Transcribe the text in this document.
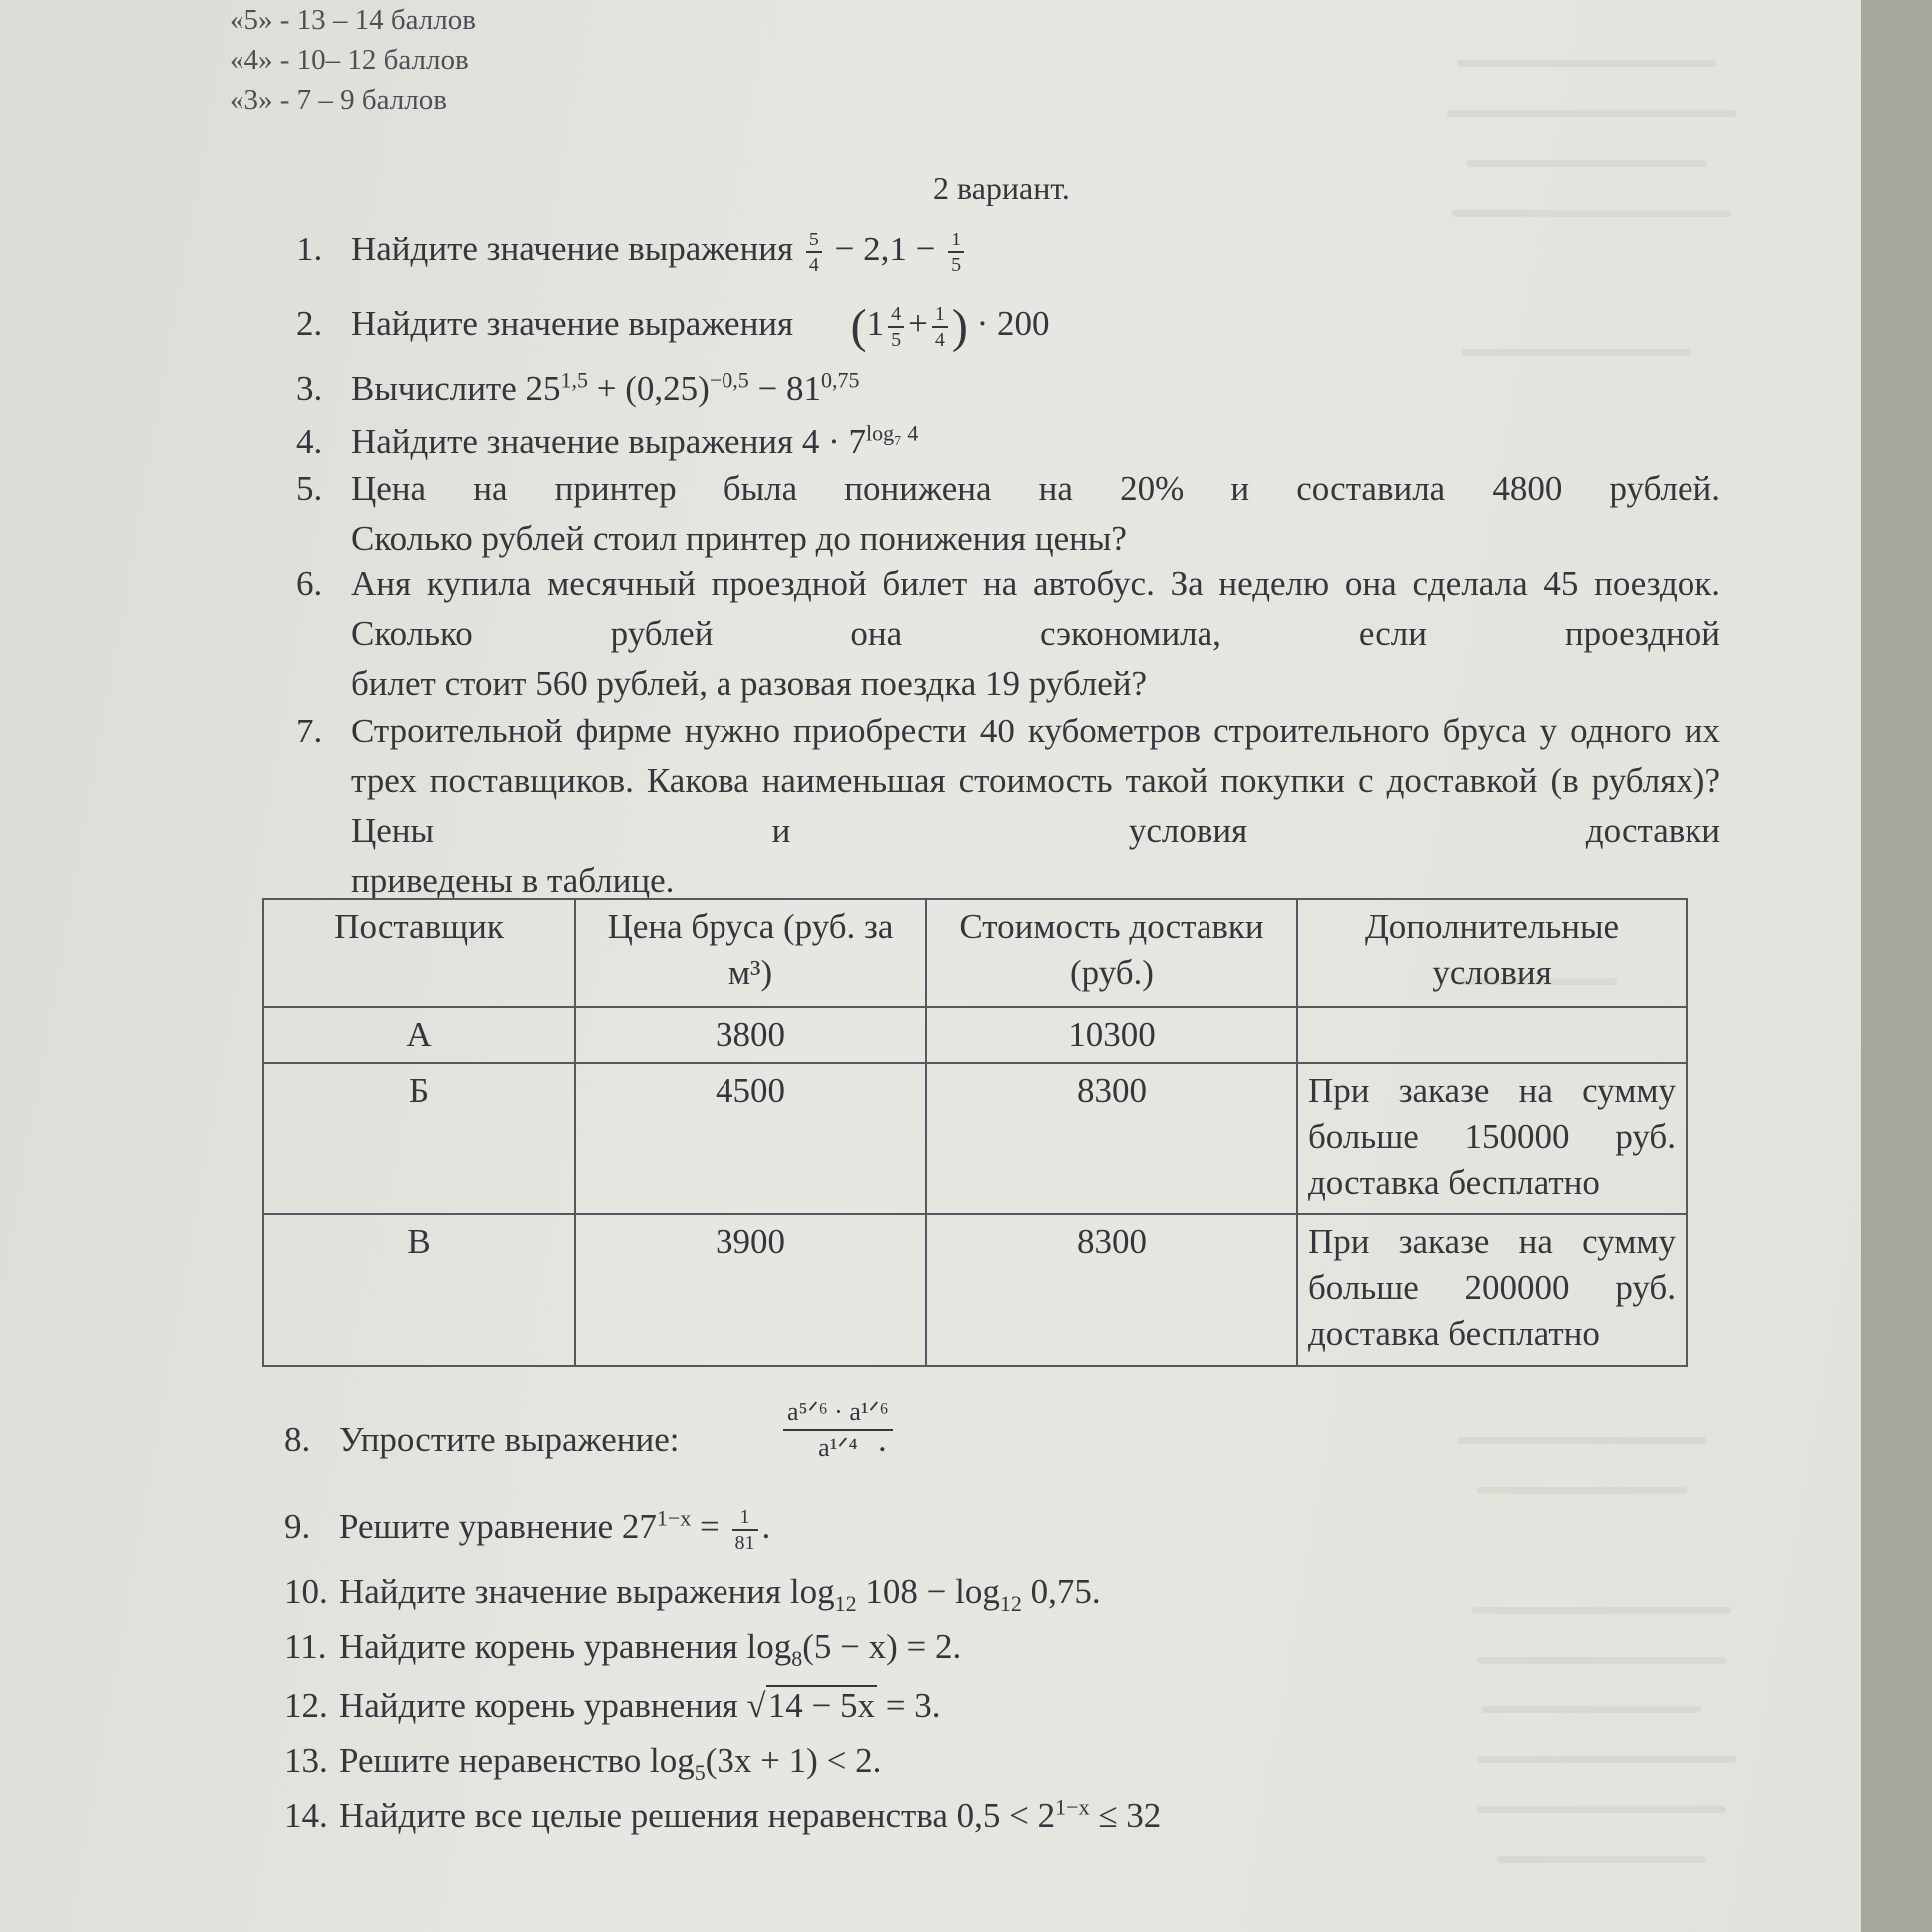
«5» - 13 – 14 баллов
«4» - 10– 12 баллов
«3» - 7 – 9 баллов
2 вариант.
1. Найдите значение выражения $\frac{5}{4} - 2,1 - \frac{1}{5}$
2. Найдите значение выражения ($1 \frac{4}{5} + \frac{1}{4}$ ) · 200
3. Вычислите $25^{1,5} + (0,25)^{-0,5} - 81^{0,75}$
4. Найдите значение выражения $4 \cdot 7^{log_7 4}$
5. Цена на принтер была понижена на 20% и составила 4800 рублей.
Сколько рублей стоил принтер до понижения цены?
6. Аня купила месячный проездной билет на автобус. За неделю она сделала 45 поездок. Сколько рублей она сэкономила, если проездной
билет стоит 560 рублей, а разовая поездка 19 рублей?
7. Строительной фирме нужно приобрести 40 кубометров строительного бруса у одного их трех поставщиков. Какова наименьшая стоимость такой покупки с доставкой (в рублях)? Цены и условия доставки
приведены в таблице.
Поставщик	Цена бруса (руб. за м³)	Стоимость доставки (руб.)	Дополнительные условия
А	3800	10300	
Б	4500	8300	При заказе на сумму больше 150000 руб. доставка бесплатно
В	3900	8300	При заказе на сумму больше 200000 руб. доставка бесплатно
8. Упростите выражение:
a⁵ᐟ⁶ · a¹ᐟ⁶
a¹ᐟ⁴ .
9. Решите уравнение $27^{1-x} = \frac{1}{81}$ .
10. Найдите значение выражения $\log_{12} 108 - \log_{12} 0,75$.
11. Найдите корень уравнения $\log_8(5 - x) = 2$.
12. Найдите корень уравнения √14 − 5x = 3.
13. Решите неравенство $\log_5(3x + 1) < 2$.
14. Найдите все целые решения неравенства $0,5 < 2^{1-x} \le 32$
